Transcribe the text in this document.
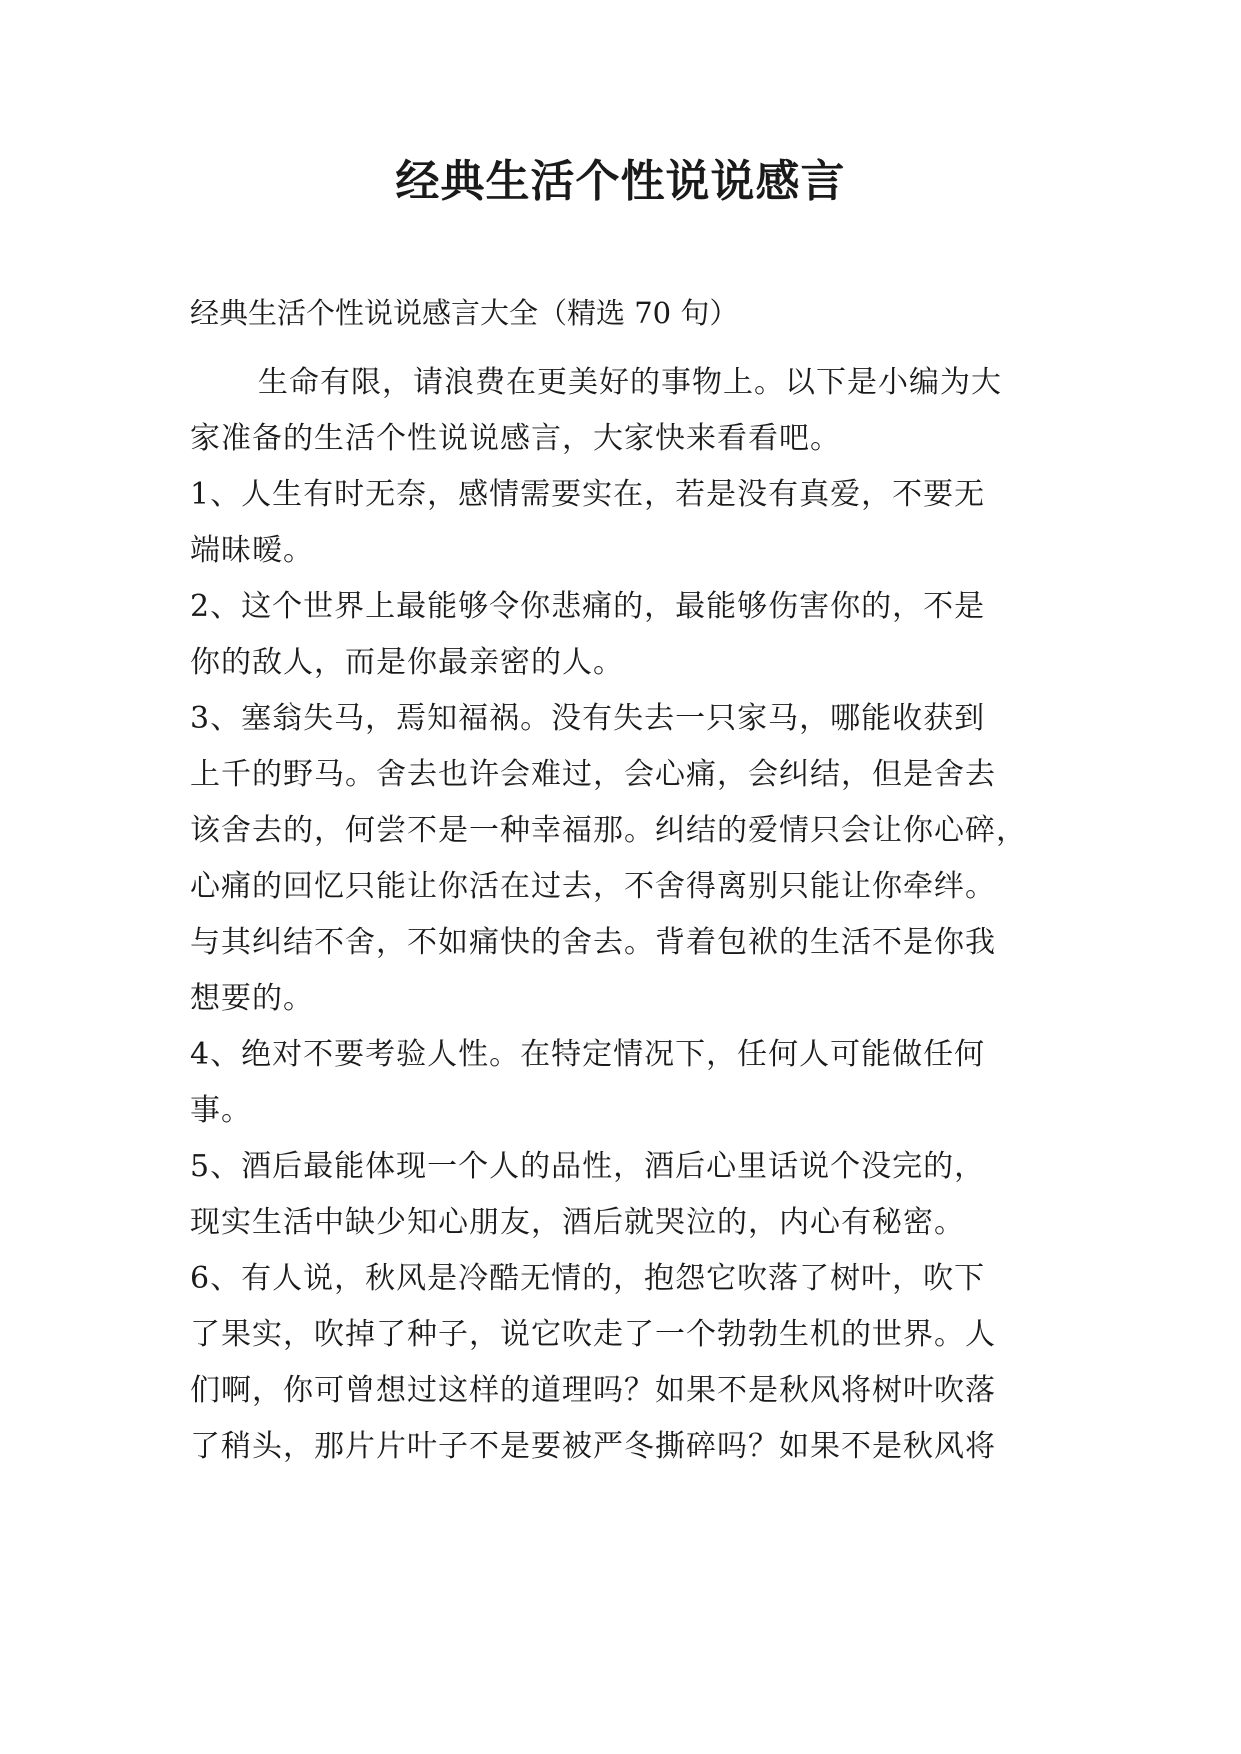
经典生活个性说说感言
经典生活个性说说感言大全（精选 70 句）
生命有限，请浪费在更美好的事物上。以下是小编为大
家准备的生活个性说说感言，大家快来看看吧。
1、人生有时无奈，感情需要实在，若是没有真爱，不要无
端昧暧。
2、这个世界上最能够令你悲痛的，最能够伤害你的，不是
你的敌人，而是你最亲密的人。
3、塞翁失马，焉知福祸。没有失去一只家马，哪能收获到
上千的野马。舍去也许会难过，会心痛，会纠结，但是舍去
该舍去的，何尝不是一种幸福那。纠结的爱情只会让你心碎，
心痛的回忆只能让你活在过去，不舍得离别只能让你牵绊。
与其纠结不舍，不如痛快的舍去。背着包袱的生活不是你我
想要的。
4、绝对不要考验人性。在特定情况下，任何人可能做任何
事。
5、酒后最能体现一个人的品性，酒后心里话说个没完的，
现实生活中缺少知心朋友，酒后就哭泣的，内心有秘密。
6、有人说，秋风是冷酷无情的，抱怨它吹落了树叶，吹下
了果实，吹掉了种子，说它吹走了一个勃勃生机的世界。人
们啊，你可曾想过这样的道理吗？如果不是秋风将树叶吹落
了稍头，那片片叶子不是要被严冬撕碎吗？如果不是秋风将
